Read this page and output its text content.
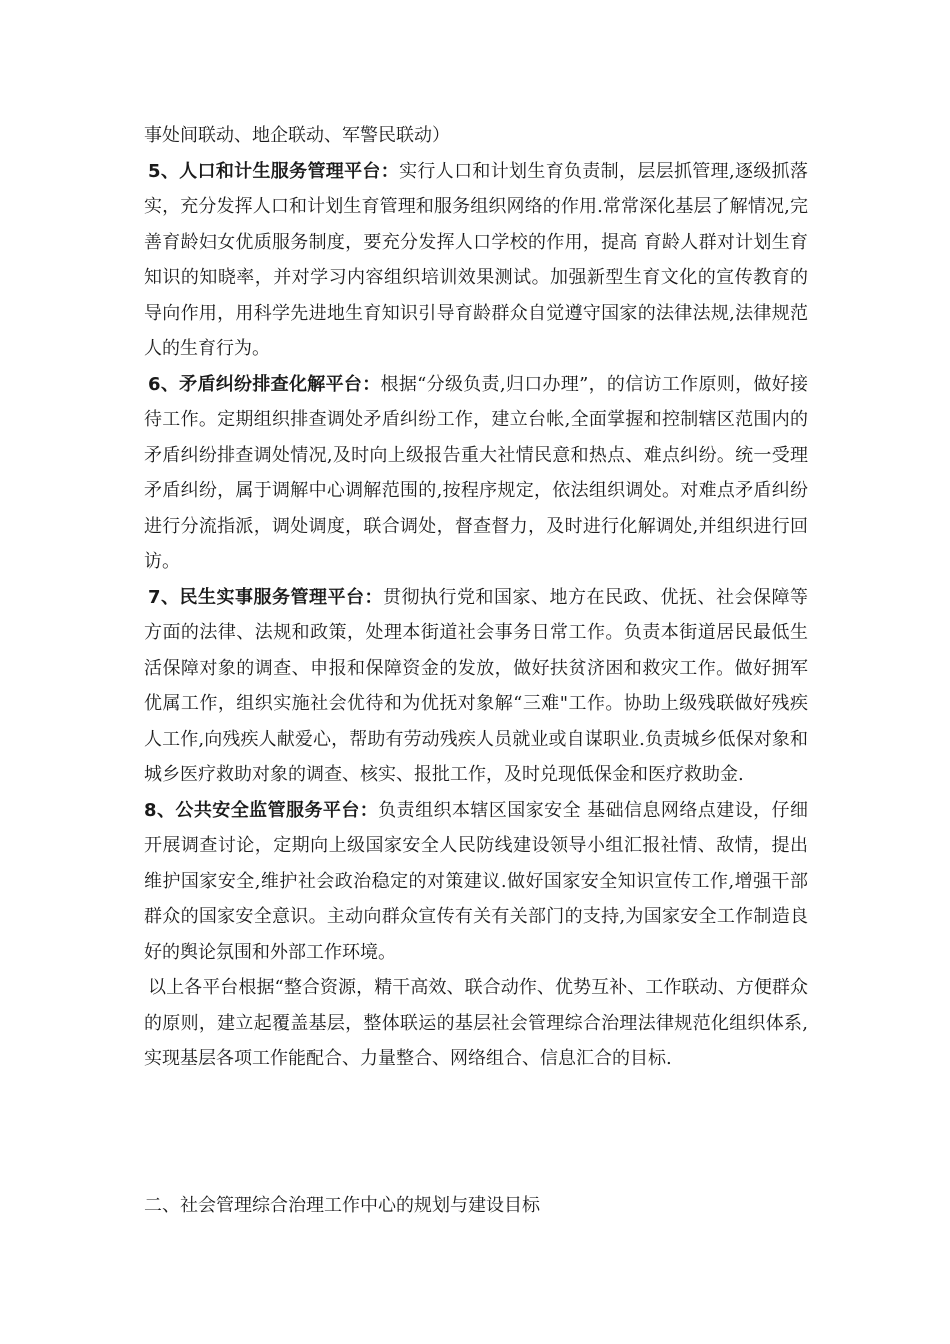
事处间联动、地企联动、军警民联动）

5、人口和计生服务管理平台：实行人口和计划生育负责制，层层抓管理,逐级抓落实，充分发挥人口和计划生育管理和服务组织网络的作用.常常深化基层了解情况,完善育龄妇女优质服务制度，要充分发挥人口学校的作用，提高 育龄人群对计划生育知识的知晓率，并对学习内容组织培训效果测试。加强新型生育文化的宣传教育的导向作用，用科学先进地生育知识引导育龄群众自觉遵守国家的法律法规,法律规范人的生育行为。

6、矛盾纠纷排查化解平台：根据“分级负责,归口办理”，的信访工作原则，做好接待工作。定期组织排查调处矛盾纠纷工作，建立台帐,全面掌握和控制辖区范围内的矛盾纠纷排查调处情况,及时向上级报告重大社情民意和热点、难点纠纷。统一受理矛盾纠纷，属于调解中心调解范围的,按程序规定，依法组织调处。对难点矛盾纠纷进行分流指派，调处调度，联合调处，督查督力，及时进行化解调处,并组织进行回访。

7、民生实事服务管理平台：贯彻执行党和国家、地方在民政、优抚、社会保障等方面的法律、法规和政策，处理本街道社会事务日常工作。负责本街道居民最低生活保障对象的调查、申报和保障资金的发放，做好扶贫济困和救灾工作。做好拥军优属工作，组织实施社会优待和为优抚对象解“三难"工作。协助上级残联做好残疾人工作,向残疾人献爱心，帮助有劳动残疾人员就业或自谋职业.负责城乡低保对象和城乡医疗救助对象的调查、核实、报批工作，及时兑现低保金和医疗救助金.

8、公共安全监管服务平台：负责组织本辖区国家安全 基础信息网络点建设，仔细开展调查讨论，定期向上级国家安全人民防线建设领导小组汇报社情、敌情，提出维护国家安全,维护社会政治稳定的对策建议.做好国家安全知识宣传工作,增强干部群众的国家安全意识。主动向群众宣传有关有关部门的支持,为国家安全工作制造良好的舆论氛围和外部工作环境。

以上各平台根据“整合资源，精干高效、联合动作、优势互补、工作联动、方便群众的原则，建立起覆盖基层，整体联运的基层社会管理综合治理法律规范化组织体系,实现基层各项工作能配合、力量整合、网络组合、信息汇合的目标.

二、社会管理综合治理工作中心的规划与建设目标
